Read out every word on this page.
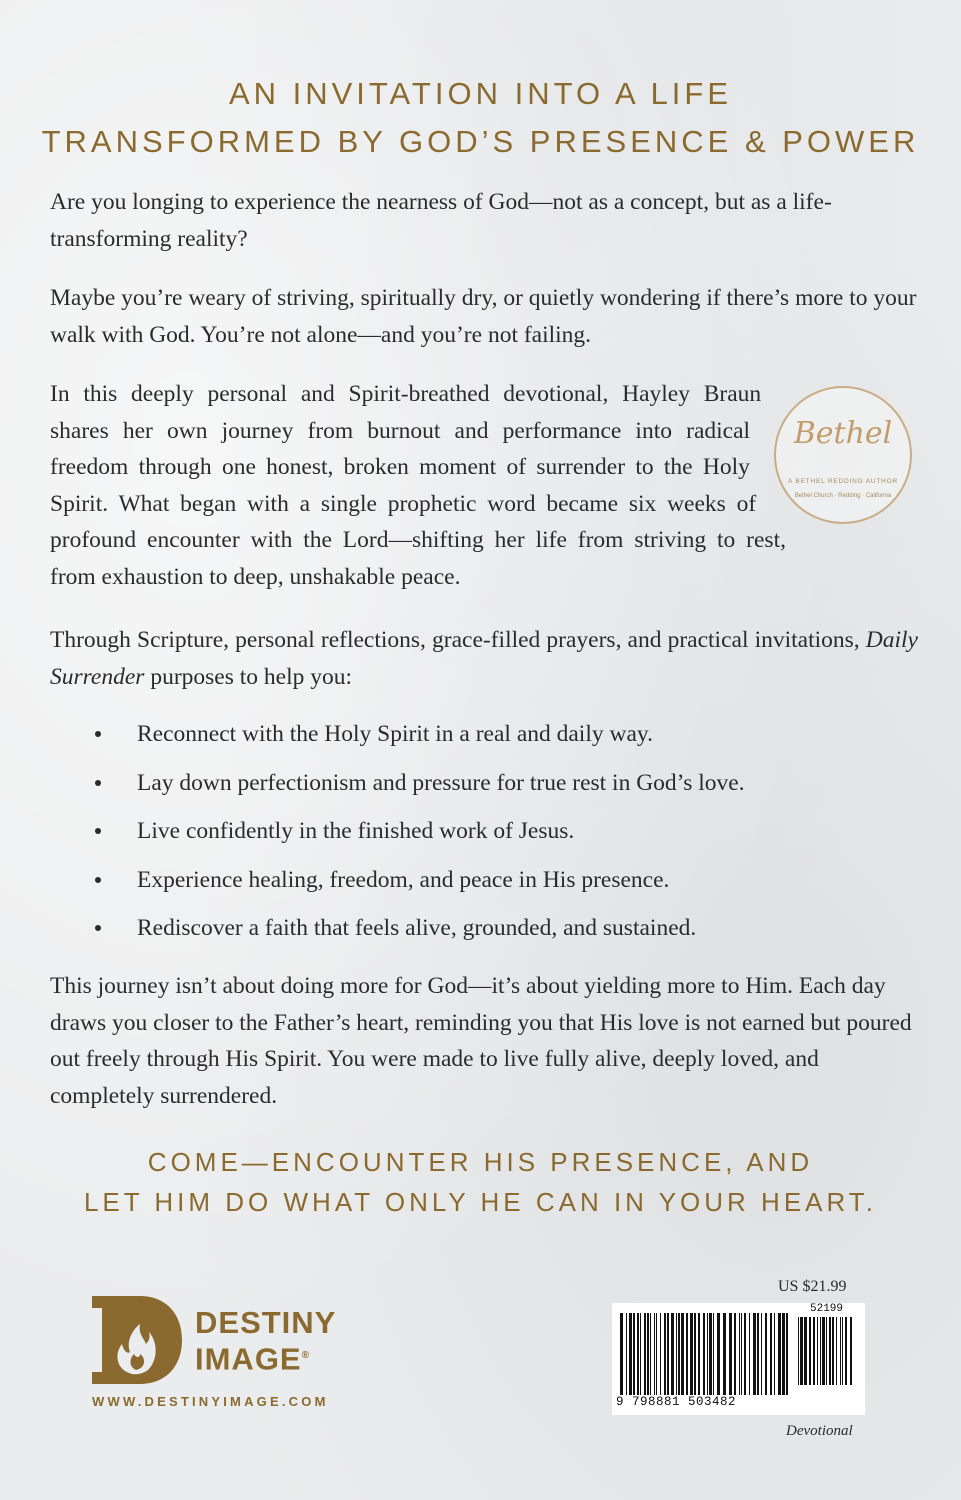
AN INVITATION INTO A LIFE
TRANSFORMED BY GOD’S PRESENCE & POWER

Are you longing to experience the nearness of God—not as a concept, but as a life-transforming reality?

Maybe you’re weary of striving, spiritually dry, or quietly wondering if there’s more to your walk with God. You’re not alone—and you’re not failing.

Bethel
A BETHEL REDDING AUTHOR
Bethel Church · Redding · California
In this deeply personal and Spirit-breathed devotional, Hayley Braun shares her own journey from burnout and performance into radical freedom through one honest, broken moment of surrender to the Holy Spirit. What began with a single prophetic word became six weeks of profound encounter with the Lord—shifting her life from striving to rest, from exhaustion to deep, unshakable peace.

Through Scripture, personal reflections, grace-filled prayers, and practical invitations, Daily Surrender purposes to help you:

Reconnect with the Holy Spirit in a real and daily way.
Lay down perfectionism and pressure for true rest in God’s love.
Live confidently in the finished work of Jesus.
Experience healing, freedom, and peace in His presence.
Rediscover a faith that feels alive, grounded, and sustained.

This journey isn’t about doing more for God—it’s about yielding more to Him. Each day draws you closer to the Father’s heart, reminding you that His love is not earned but poured out freely through His Spirit. You were made to live fully alive, deeply loved, and completely surrendered.

COME—ENCOUNTER HIS PRESENCE, AND
LET HIM DO WHAT ONLY HE CAN IN YOUR HEART.
DESTINY
IMAGE®
WWW.DESTINYIMAGE.COM
US $21.99
52199
9 798881 503482
Devotional
